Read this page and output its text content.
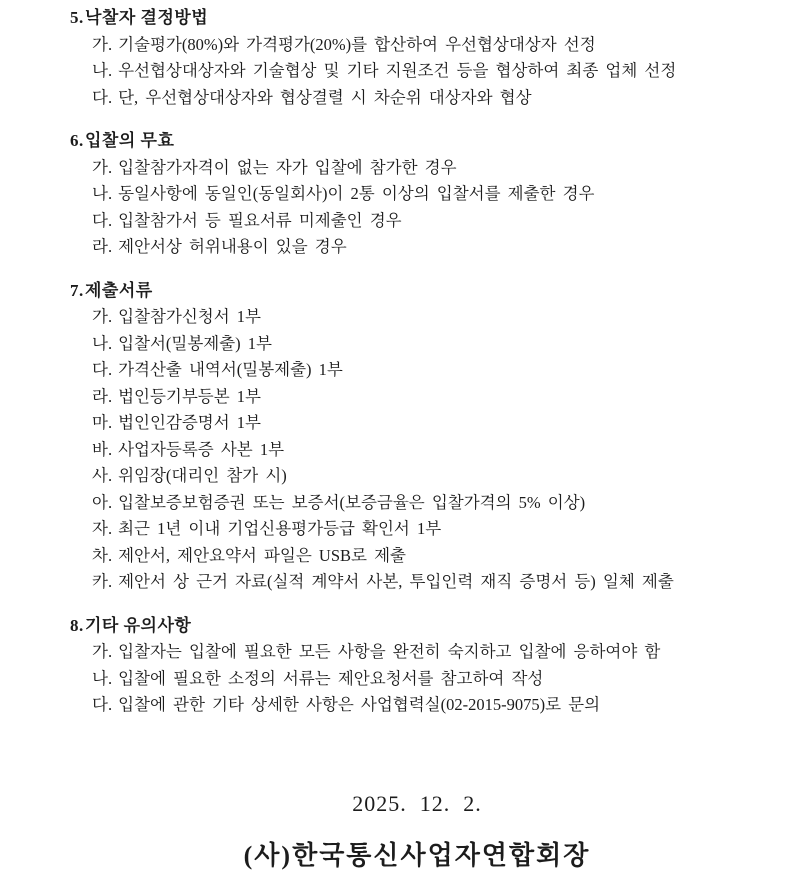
5.낙찰자 결정방법

가. 기술평가(80%)와 가격평가(20%)를 합산하여 우선협상대상자 선정

나. 우선협상대상자와 기술협상 및 기타 지원조건 등을 협상하여 최종 업체 선정

다. 단, 우선협상대상자와 협상결렬 시 차순위 대상자와 협상

6.입찰의 무효

가. 입찰참가자격이 없는 자가 입찰에 참가한 경우

나. 동일사항에 동일인(동일회사)이 2통 이상의 입찰서를 제출한 경우

다. 입찰참가서 등 필요서류 미제출인 경우

라. 제안서상 허위내용이 있을 경우

7.제출서류

가. 입찰참가신청서 1부

나. 입찰서(밀봉제출) 1부

다. 가격산출 내역서(밀봉제출) 1부

라. 법인등기부등본 1부

마. 법인인감증명서 1부

바. 사업자등록증 사본 1부

사. 위임장(대리인 참가 시)

아. 입찰보증보험증권 또는 보증서(보증금율은 입찰가격의 5% 이상)

자. 최근 1년 이내 기업신용평가등급 확인서 1부

차. 제안서, 제안요약서 파일은 USB로 제출

카. 제안서 상 근거 자료(실적 계약서 사본, 투입인력 재직 증명서 등) 일체 제출

8.기타 유의사항

가. 입찰자는 입찰에 필요한 모든 사항을 완전히 숙지하고 입찰에 응하여야 함

나. 입찰에 필요한 소정의 서류는 제안요청서를 참고하여 작성

다. 입찰에 관한 기타 상세한 사항은 사업협력실(02-2015-9075)로 문의

2025.  12.  2.
(사)한국통신사업자연합회장
